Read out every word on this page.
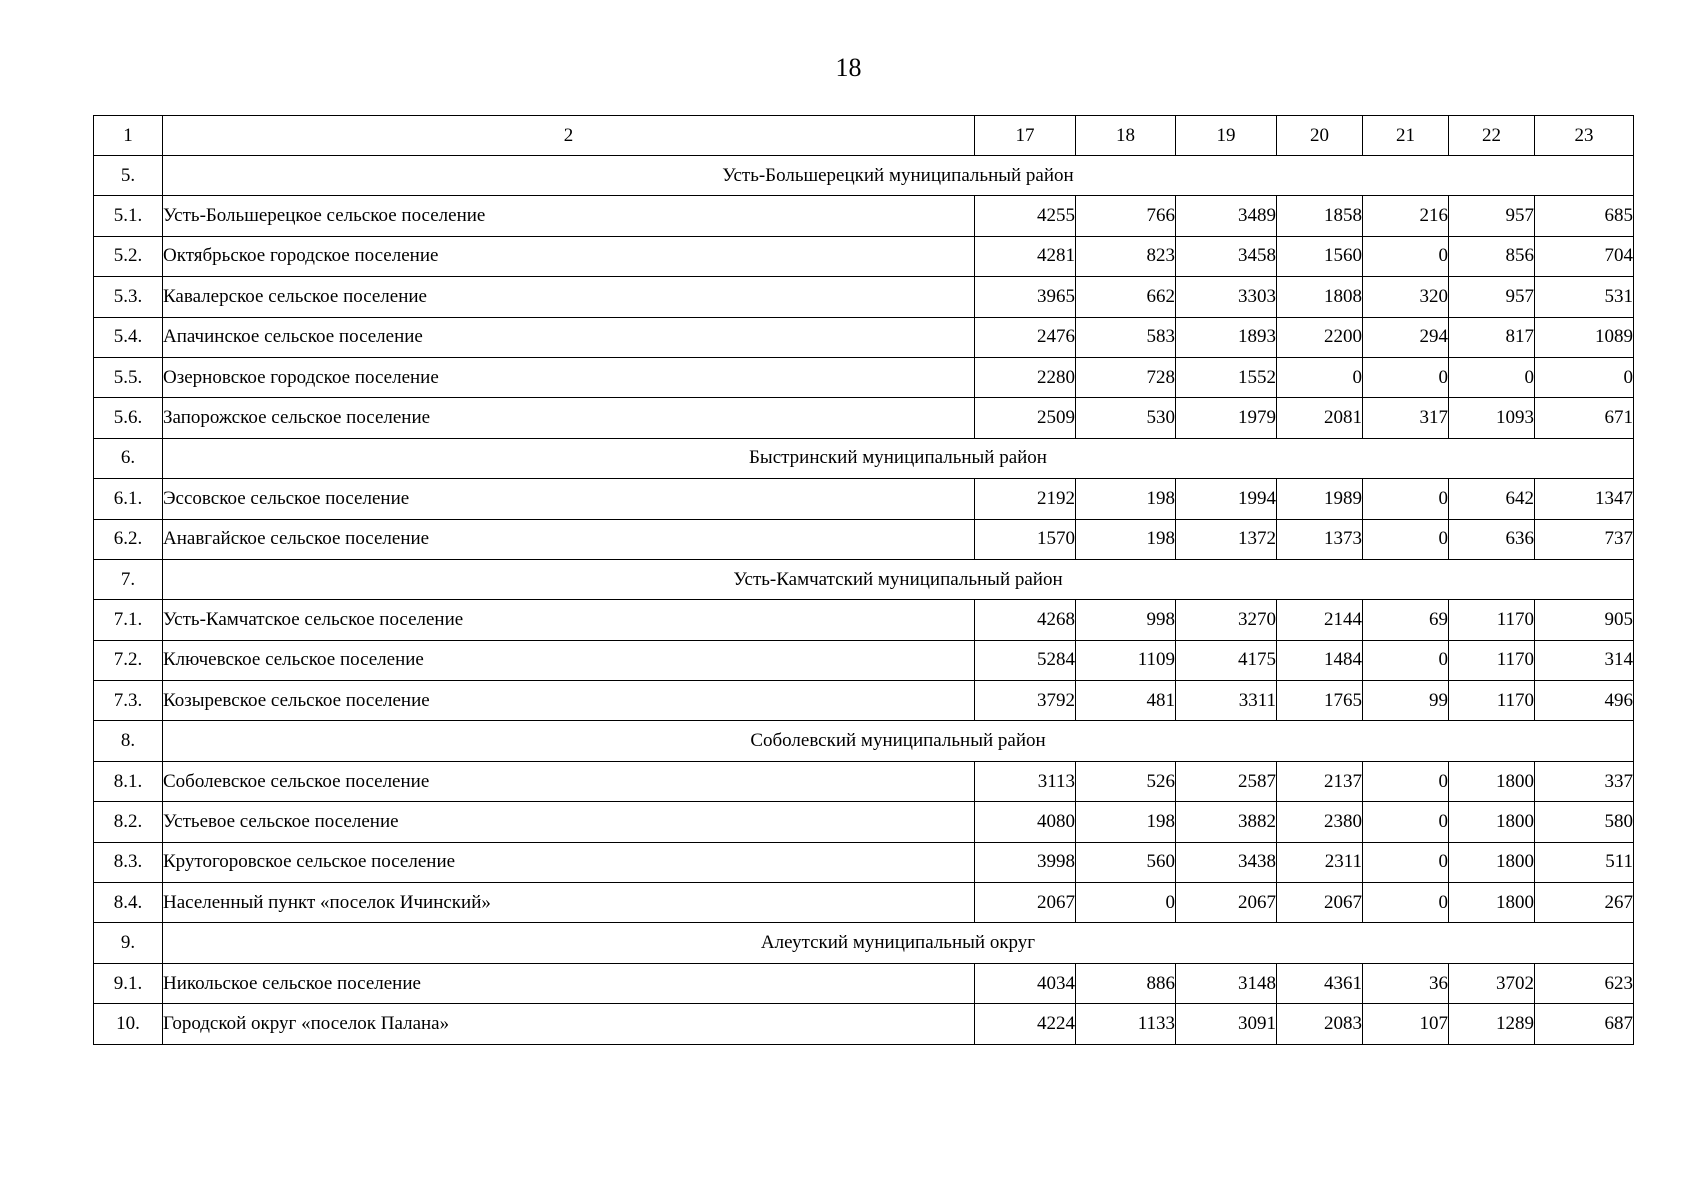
18
1	2	17	18	19	20	21	22	23
5.	Усть-Большерецкий муниципальный район							
5.1.	Усть-Большерецкое сельское поселение	4255	766	3489	1858	216	957	685
5.2.	Октябрьское городское поселение	4281	823	3458	1560	0	856	704
5.3.	Кавалерское сельское поселение	3965	662	3303	1808	320	957	531
5.4.	Апачинское сельское поселение	2476	583	1893	2200	294	817	1089
5.5.	Озерновское городское поселение	2280	728	1552	0	0	0	0
5.6.	Запорожское сельское поселение	2509	530	1979	2081	317	1093	671
6.	Быстринский муниципальный район							
6.1.	Эссовское сельское поселение	2192	198	1994	1989	0	642	1347
6.2.	Анавгайское сельское поселение	1570	198	1372	1373	0	636	737
7.	Усть-Камчатский муниципальный район							
7.1.	Усть-Камчатское сельское поселение	4268	998	3270	2144	69	1170	905
7.2.	Ключевское сельское поселение	5284	1109	4175	1484	0	1170	314
7.3.	Козыревское сельское поселение	3792	481	3311	1765	99	1170	496
8.	Соболевский муниципальный район							
8.1.	Соболевское сельское поселение	3113	526	2587	2137	0	1800	337
8.2.	Устьевое сельское поселение	4080	198	3882	2380	0	1800	580
8.3.	Крутогоровское сельское поселение	3998	560	3438	2311	0	1800	511
8.4.	Населенный пункт «поселок Ичинский»	2067	0	2067	2067	0	1800	267
9.	Алеутский муниципальный округ							
9.1.	Никольское сельское поселение	4034	886	3148	4361	36	3702	623
10.	Городской округ «поселок Палана»	4224	1133	3091	2083	107	1289	687
